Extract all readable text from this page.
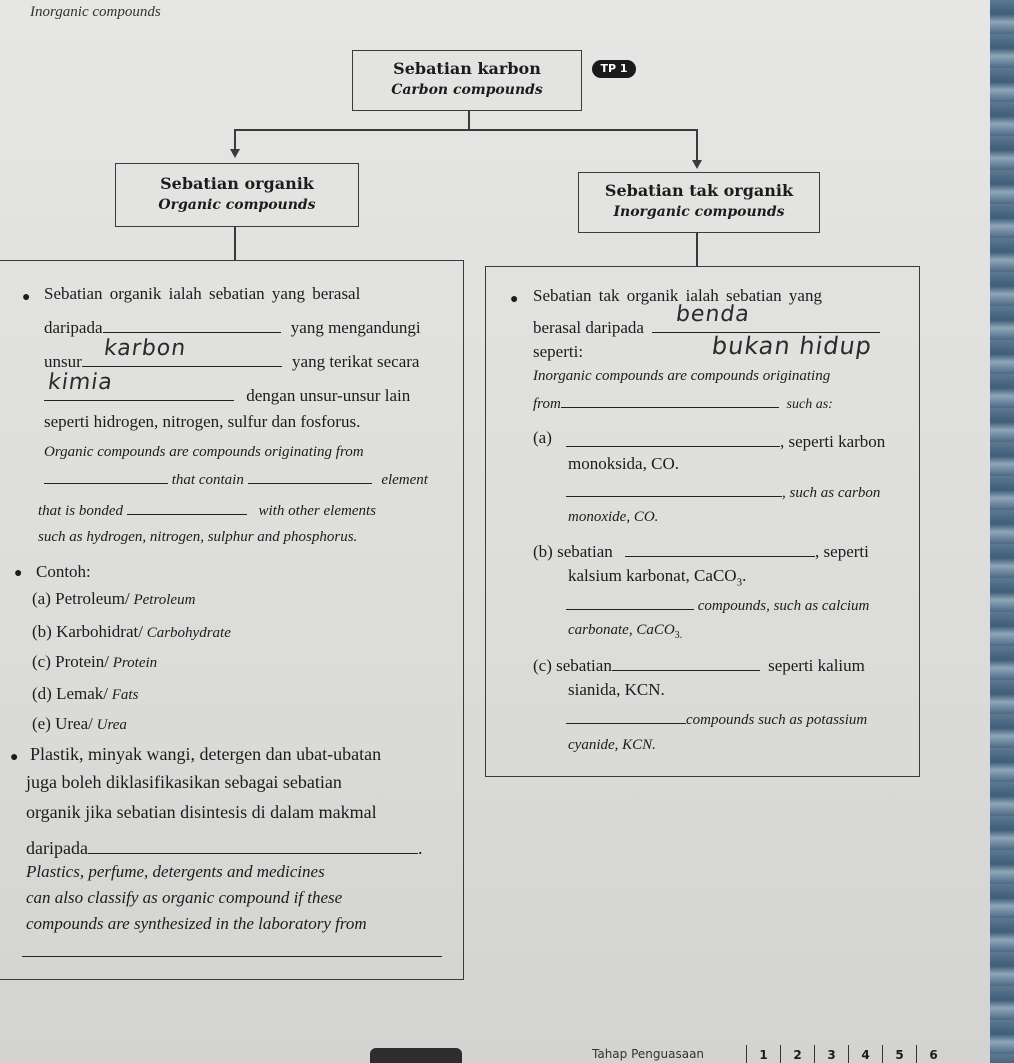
Inorganic compounds
Sebatian karbon
Carbon compounds
TP 1
Sebatian organik
Organic compounds
Sebatian tak organik
Inorganic compounds
● Sebatian organik ialah sebatian yang berasal
daripada	yang mengandungi
unsur	yang terikat secara
karbon
dengan unsur-unsur lain
kimia
seperti hidrogen, nitrogen, sulfur dan fosforus.
Organic compounds are compounds originating from
that contain	element
that is bonded	with other elements
such as hydrogen, nitrogen, sulphur and phosphorus.
● Contoh:
(a) Petroleum/ Petroleum
(b) Karbohidrat/ Carbohydrate
(c) Protein/ Protein
(d) Lemak/ Fats
(e) Urea/ Urea
● Plastik, minyak wangi, detergen dan ubat-ubatan
juga boleh diklasifikasikan sebagai sebatian
organik jika sebatian disintesis di dalam makmal
daripada	.
Plastics, perfume, detergents and medicines
can also classify as organic compound if these
compounds are synthesized in the laboratory from
● Sebatian tak organik ialah sebatian yang
berasal daripada
benda
seperti:	bukan hidup
Inorganic compounds are compounds originating
from	such as:
(a)	, seperti karbon
monoksida, CO.
, such as carbon
monoxide, CO.
(b) sebatian	, seperti
kalsium karbonat, CaCO$_3$.
compounds, such as calcium
carbonate, CaCO$_{3.}$
(c) sebatian	seperti kalium
sianida, KCN.
compounds such as potassium
cyanide, KCN.
Tahap Penguasaan	1	2	3	4	5	6
